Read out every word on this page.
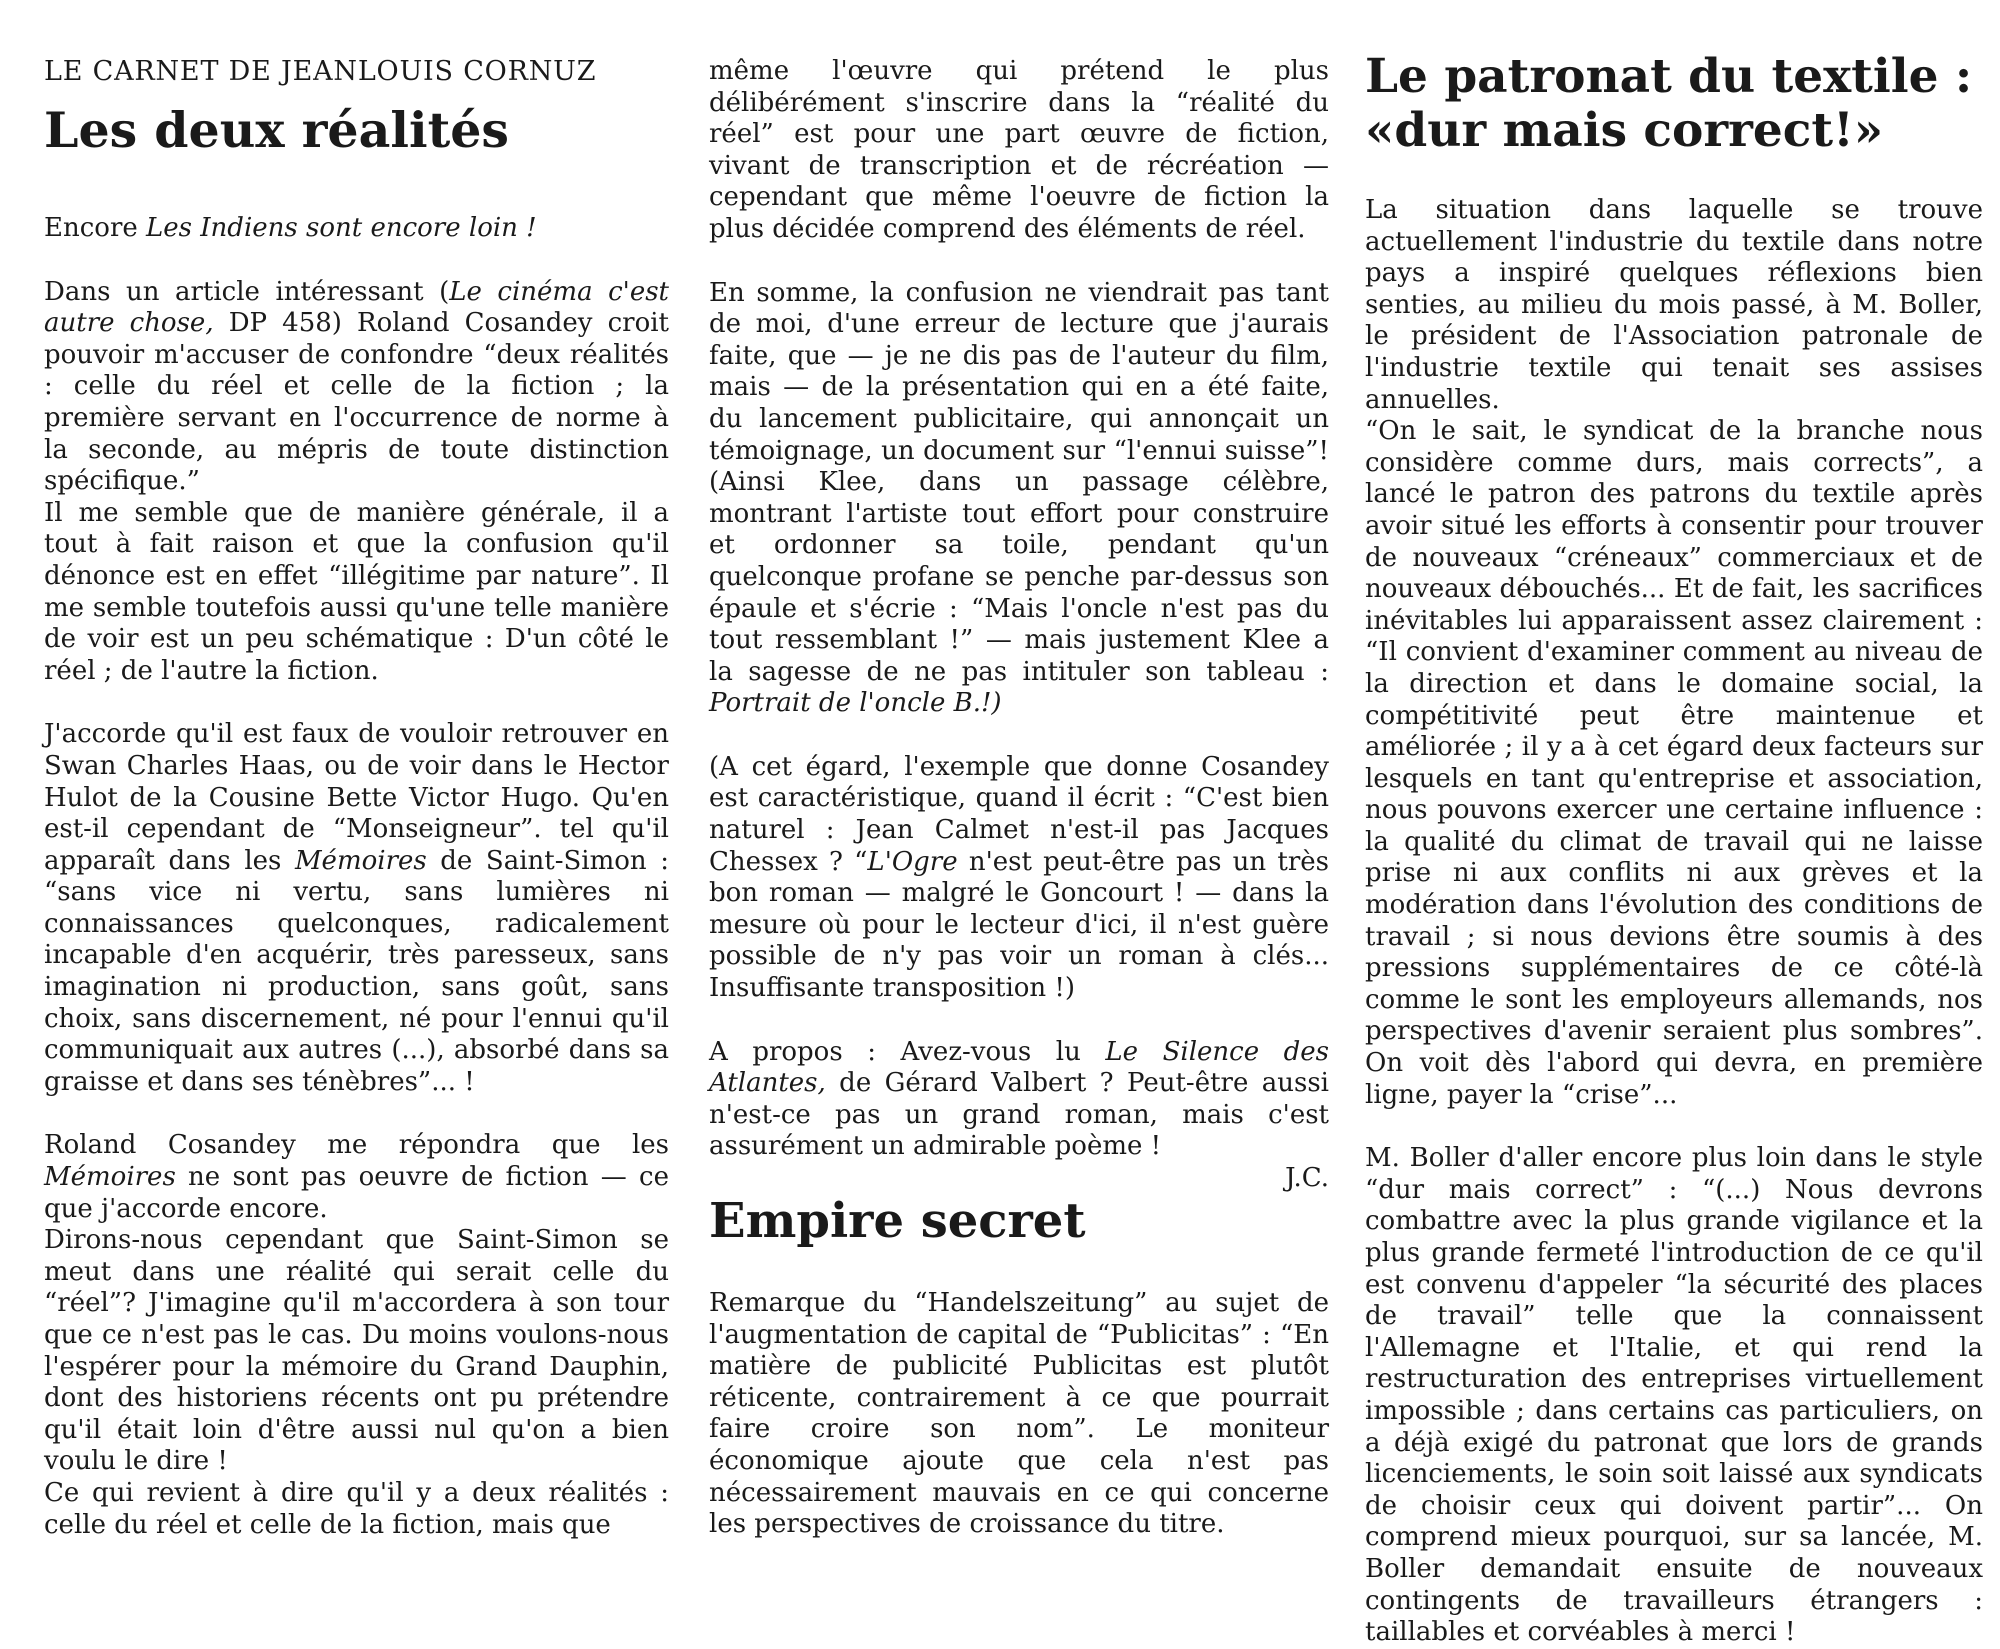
LE CARNET DE JEANLOUIS CORNUZ

Les deux réalités

Encore Les Indiens sont encore loin !

Dans un article intéressant (Le cinéma c'est autre chose, DP 458) Roland Cosandey croit pouvoir m'accuser de confondre “deux réalités : celle du réel et celle de la fiction ; la première servant en l'occurrence de norme à la seconde, au mépris de toute distinction spécifique.”

Il me semble que de manière générale, il a tout à fait raison et que la confusion qu'il dénonce est en effet “illégitime par nature”. Il me semble toutefois aussi qu'une telle manière de voir est un peu schématique : D'un côté le réel ; de l'autre la fiction.

J'accorde qu'il est faux de vouloir retrouver en Swan Charles Haas, ou de voir dans le Hector Hulot de la Cousine Bette Victor Hugo. Qu'en est-il cependant de “Monseigneur”. tel qu'il apparaît dans les Mémoires de Saint-Simon : “sans vice ni vertu, sans lumières ni connaissances quelconques, radicalement incapable d'en acquérir, très paresseux, sans imagination ni production, sans goût, sans choix, sans discernement, né pour l'ennui qu'il communiquait aux autres (...), absorbé dans sa graisse et dans ses ténèbres”... !

Roland Cosandey me répondra que les Mémoires ne sont pas oeuvre de fiction — ce que j'accorde encore.

Dirons-nous cependant que Saint-Simon se meut dans une réalité qui serait celle du “réel”? J'imagine qu'il m'accordera à son tour que ce n'est pas le cas. Du moins voulons-nous l'espérer pour la mémoire du Grand Dauphin, dont des historiens récents ont pu prétendre qu'il était loin d'être aussi nul qu'on a bien voulu le dire !

Ce qui revient à dire qu'il y a deux réalités : celle du réel et celle de la fiction, mais que

même l'œuvre qui prétend le plus délibérément s'inscrire dans la “réalité du réel” est pour une part œuvre de fiction, vivant de transcription et de récréation — cependant que même l'oeuvre de fiction la plus décidée comprend des éléments de réel.

En somme, la confusion ne viendrait pas tant de moi, d'une erreur de lecture que j'aurais faite, que — je ne dis pas de l'auteur du film, mais — de la présentation qui en a été faite, du lancement publicitaire, qui annonçait un témoignage, un document sur “l'ennui suisse”! (Ainsi Klee, dans un passage célèbre, montrant l'artiste tout effort pour construire et ordonner sa toile, pendant qu'un quelconque profane se penche par-dessus son épaule et s'écrie : “Mais l'oncle n'est pas du tout ressemblant !” — mais justement Klee a la sagesse de ne pas intituler son tableau : Portrait de l'oncle B.!)

(A cet égard, l'exemple que donne Cosandey est caractéristique, quand il écrit : “C'est bien naturel : Jean Calmet n'est-il pas Jacques Chessex ? “L'Ogre n'est peut-être pas un très bon roman — malgré le Goncourt ! — dans la mesure où pour le lecteur d'ici, il n'est guère possible de n'y pas voir un roman à clés... Insuffisante transposition !)

A propos : Avez-vous lu Le Silence des Atlantes, de Gérard Valbert ? Peut-être aussi n'est-ce pas un grand roman, mais c'est assurément un admirable poème !

J.C.

Empire secret

Remarque du “Handelszeitung” au sujet de l'augmentation de capital de “Publicitas” : “En matière de publicité Publicitas est plutôt réticente, contrairement à ce que pourrait faire croire son nom”. Le moniteur économique ajoute que cela n'est pas nécessairement mauvais en ce qui concerne les perspectives de croissance du titre.

Le patronat du textile :
«dur mais correct!»

La situation dans laquelle se trouve actuellement l'industrie du textile dans notre pays a inspiré quelques réflexions bien senties, au milieu du mois passé, à M. Boller, le président de l'Association patronale de l'industrie textile qui tenait ses assises annuelles.

“On le sait, le syndicat de la branche nous considère comme durs, mais corrects”, a lancé le patron des patrons du textile après avoir situé les efforts à consentir pour trouver de nouveaux “créneaux” commerciaux et de nouveaux débouchés... Et de fait, les sacrifices inévitables lui apparaissent assez clairement : “Il convient d'examiner comment au niveau de la direction et dans le domaine social, la compétitivité peut être maintenue et améliorée ; il y a à cet égard deux facteurs sur lesquels en tant qu'entreprise et association, nous pouvons exercer une certaine influence : la qualité du climat de travail qui ne laisse prise ni aux conflits ni aux grèves et la modération dans l'évolution des conditions de travail ; si nous devions être soumis à des pressions supplémentaires de ce côté-là comme le sont les employeurs allemands, nos perspectives d'avenir seraient plus sombres”. On voit dès l'abord qui devra, en première ligne, payer la “crise”...

M. Boller d'aller encore plus loin dans le style “dur mais correct” : “(...) Nous devrons combattre avec la plus grande vigilance et la plus grande fermeté l'introduction de ce qu'il est convenu d'appeler “la sécurité des places de travail” telle que la connaissent l'Allemagne et l'Italie, et qui rend la restructuration des entreprises virtuellement impossible ; dans certains cas particuliers, on a déjà exigé du patronat que lors de grands licenciements, le soin soit laissé aux syndicats de choisir ceux qui doivent partir”... On comprend mieux pourquoi, sur sa lancée, M. Boller demandait ensuite de nouveaux contingents de travailleurs étrangers : taillables et corvéables à merci !
